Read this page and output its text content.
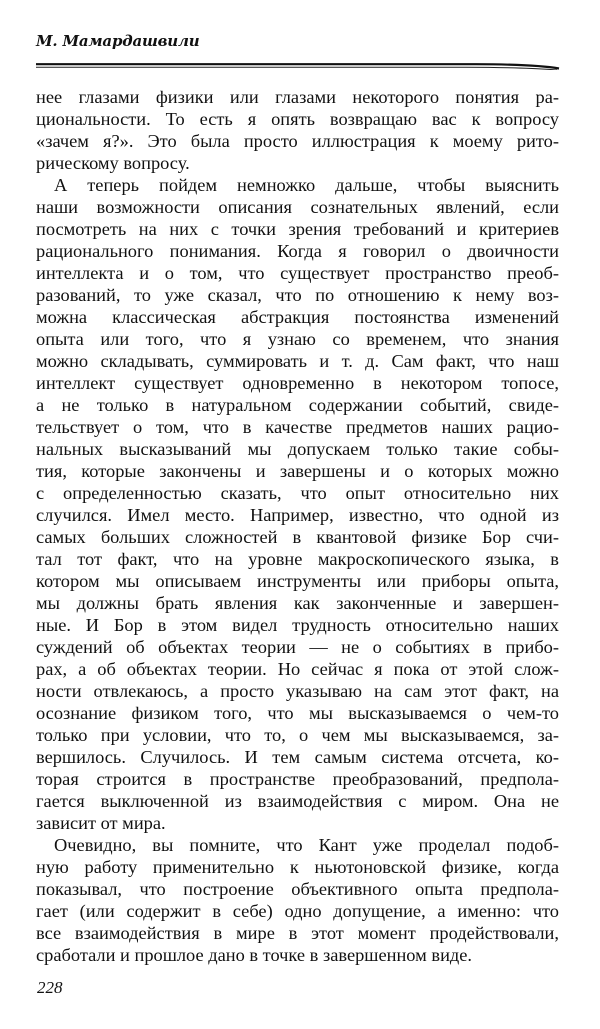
М. Мамардашвили
нее глазами физики или глазами некоторого понятия ра-
циональности. То есть я опять возвращаю вас к вопросу
«зачем я?». Это была просто иллюстрация к моему рито-
рическому вопросу.
А теперь пойдем немножко дальше, чтобы выяснить
наши возможности описания сознательных явлений, если
посмотреть на них с точки зрения требований и критериев
рационального понимания. Когда я говорил о двоичности
интеллекта и о том, что существует пространство преоб-
разований, то уже сказал, что по отношению к нему воз-
можна классическая абстракция постоянства изменений
опыта или того, что я узнаю со временем, что знания
можно складывать, суммировать и т. д. Сам факт, что наш
интеллект существует одновременно в некотором топосе,
а не только в натуральном содержании событий, свиде-
тельствует о том, что в качестве предметов наших рацио-
нальных высказываний мы допускаем только такие собы-
тия, которые закончены и завершены и о которых можно
с определенностью сказать, что опыт относительно них
случился. Имел место. Например, известно, что одной из
самых больших сложностей в квантовой физике Бор счи-
тал тот факт, что на уровне макроскопического языка, в
котором мы описываем инструменты или приборы опыта,
мы должны брать явления как законченные и завершен-
ные. И Бор в этом видел трудность относительно наших
суждений об объектах теории — не о событиях в прибо-
рах, а об объектах теории. Но сейчас я пока от этой слож-
ности отвлекаюсь, а просто указываю на сам этот факт, на
осознание физиком того, что мы высказываемся о чем-то
только при условии, что то, о чем мы высказываемся, за-
вершилось. Случилось. И тем самым система отсчета, ко-
торая строится в пространстве преобразований, предпола-
гается выключенной из взаимодействия с миром. Она не
зависит от мира.
Очевидно, вы помните, что Кант уже проделал подоб-
ную работу применительно к ньютоновской физике, когда
показывал, что построение объективного опыта предпола-
гает (или содержит в себе) одно допущение, а именно: что
все взаимодействия в мире в этот момент продействовали,
сработали и прошлое дано в точке в завершенном виде.
228
